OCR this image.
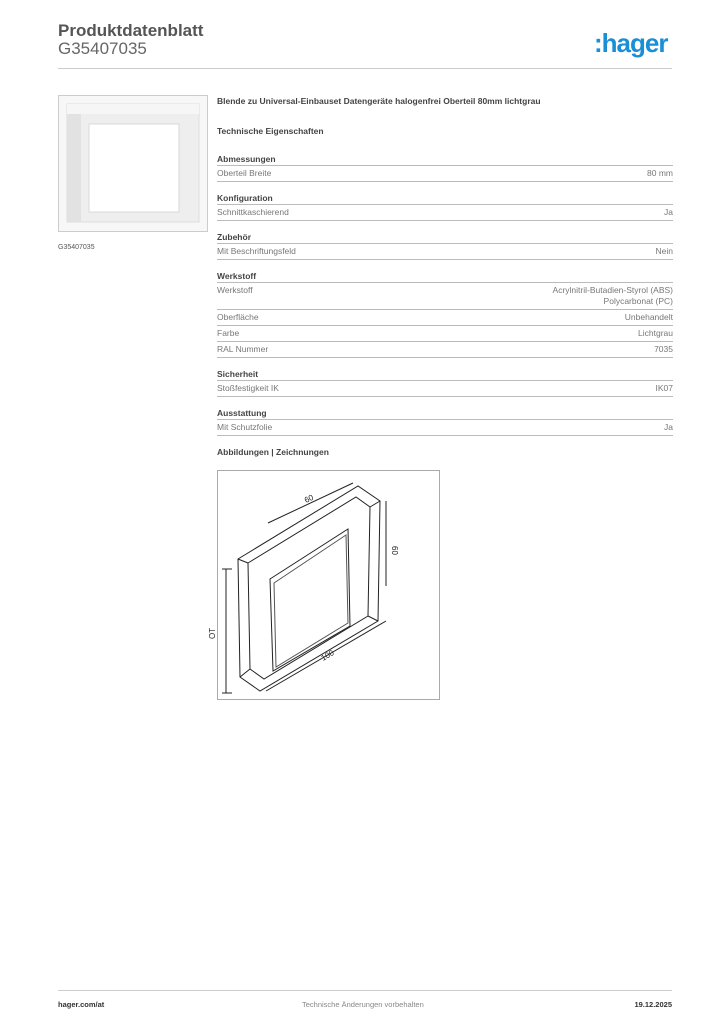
Produktdatenblatt
G35407035	:hager
G35407035
Blende zu Universal-Einbauset Datengeräte halogenfrei Oberteil 80mm lichtgrau
Technische Eigenschaften
Abmessungen
Oberteil Breite	80 mm
Konfiguration
Schnittkaschierend	Ja
Zubehör
Mit Beschriftungsfeld	Nein
Werkstoff
Werkstoff	Acrylnitril-Butadien-Styrol (ABS)
Polycarbonat (PC)
Oberfläche	Unbehandelt
Farbe	Lichtgrau
RAL Nummer	7035
Sicherheit
Stoßfestigkeit IK	IK07
Ausstattung
Mit Schutzfolie	Ja
Abbildungen | Zeichnungen
OT
60
60
100
hager.com/at	Technische Änderungen vorbehalten	19.12.2025
